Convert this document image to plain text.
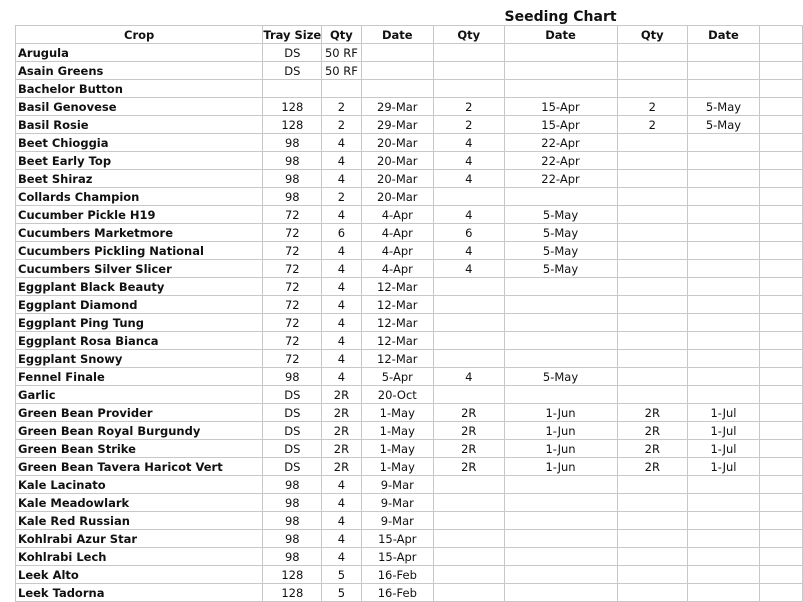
					Seeding Chart			
Crop	Tray Size	Qty	Date	Qty	Date	Qty	Date	
Arugula	DS	50 RF						
Asain Greens	DS	50 RF						
Bachelor Button								
Basil Genovese	128	2	29-Mar	2	15-Apr	2	5-May	
Basil Rosie	128	2	29-Mar	2	15-Apr	2	5-May	
Beet Chioggia	98	4	20-Mar	4	22-Apr			
Beet Early Top	98	4	20-Mar	4	22-Apr			
Beet Shiraz	98	4	20-Mar	4	22-Apr			
Collards Champion	98	2	20-Mar					
Cucumber Pickle H19	72	4	4-Apr	4	5-May			
Cucumbers Marketmore	72	6	4-Apr	6	5-May			
Cucumbers Pickling National	72	4	4-Apr	4	5-May			
Cucumbers Silver Slicer	72	4	4-Apr	4	5-May			
Eggplant Black Beauty	72	4	12-Mar					
Eggplant Diamond	72	4	12-Mar					
Eggplant Ping Tung	72	4	12-Mar					
Eggplant Rosa Bianca	72	4	12-Mar					
Eggplant Snowy	72	4	12-Mar					
Fennel Finale	98	4	5-Apr	4	5-May			
Garlic	DS	2R	20-Oct					
Green Bean Provider	DS	2R	1-May	2R	1-Jun	2R	1-Jul	
Green Bean Royal Burgundy	DS	2R	1-May	2R	1-Jun	2R	1-Jul	
Green Bean Strike	DS	2R	1-May	2R	1-Jun	2R	1-Jul	
Green Bean Tavera Haricot Vert	DS	2R	1-May	2R	1-Jun	2R	1-Jul	
Kale Lacinato	98	4	9-Mar					
Kale Meadowlark	98	4	9-Mar					
Kale Red Russian	98	4	9-Mar					
Kohlrabi Azur Star	98	4	15-Apr					
Kohlrabi Lech	98	4	15-Apr					
Leek Alto	128	5	16-Feb					
Leek Tadorna	128	5	16-Feb					
